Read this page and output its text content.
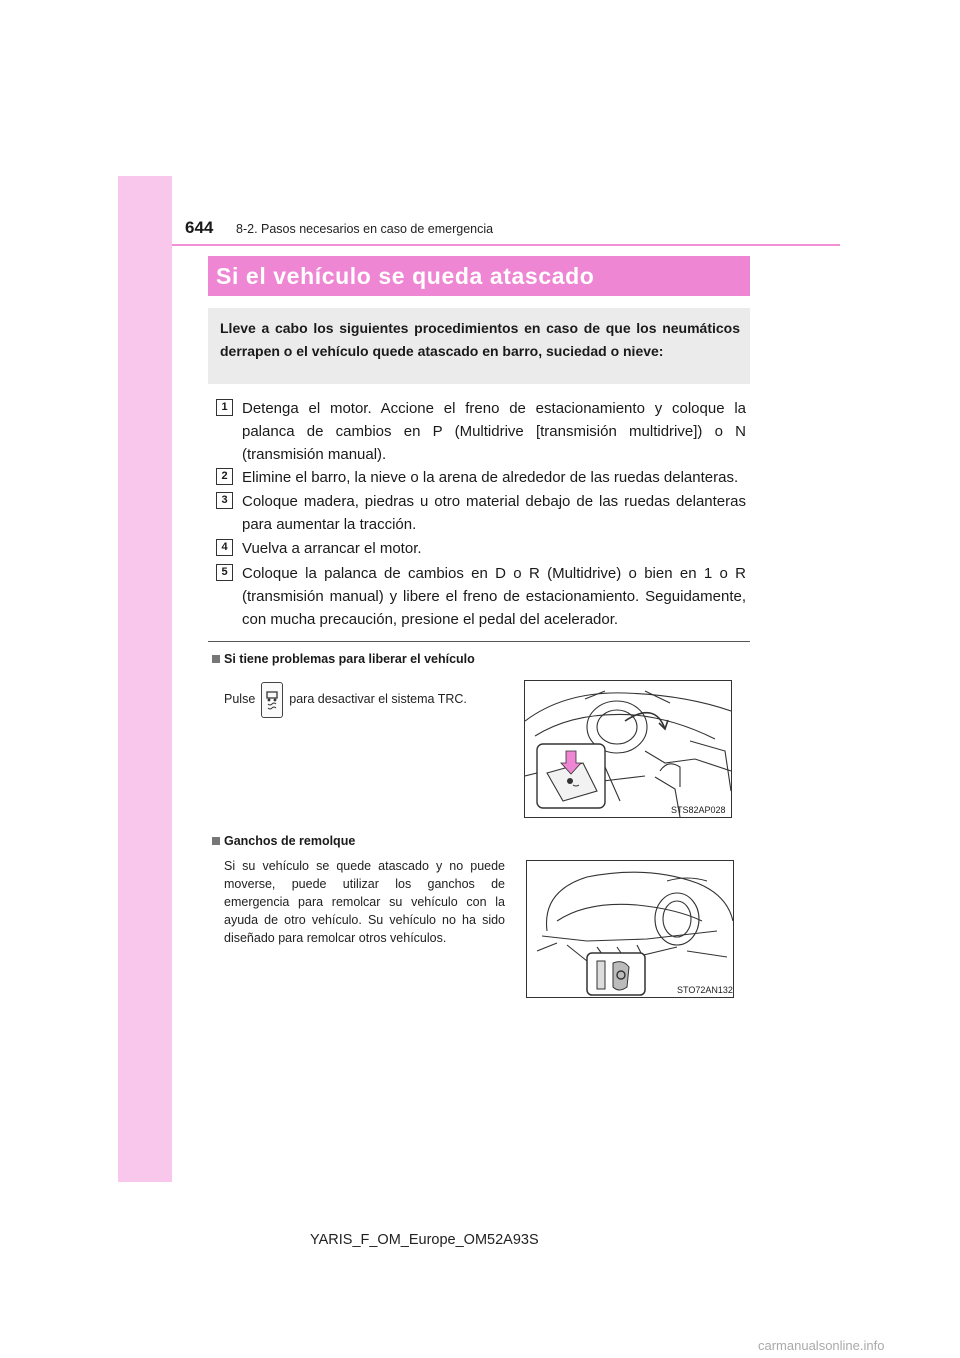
644 8-2. Pasos necesarios en caso de emergencia
Si el vehículo se queda atascado
Lleve a cabo los siguientes procedimientos en caso de que los neumáticos derrapen o el vehículo quede atascado en barro, suciedad o nieve:
1 Detenga el motor. Accione el freno de estacionamiento y coloque la palanca de cambios en P (Multidrive [transmisión multidrive]) o N (transmisión manual).
2 Elimine el barro, la nieve o la arena de alrededor de las ruedas delanteras.
3 Coloque madera, piedras u otro material debajo de las ruedas delanteras para aumentar la tracción.
4 Vuelva a arrancar el motor.
5 Coloque la palanca de cambios en D o R (Multidrive) o bien en 1 o R (transmisión manual) y libere el freno de estacionamiento. Seguidamente, con mucha precaución, presione el pedal del acelerador.
Si tiene problemas para liberar el vehículo
Pulse	para desactivar el sistema TRC.
STS82AP028
Ganchos de remolque
Si su vehículo se quede atascado y no puede moverse, puede utilizar los ganchos de emergencia para remolcar su vehículo con la ayuda de otro vehículo. Su vehículo no ha sido diseñado para remolcar otros vehículos.
STO72AN132
YARIS_F_OM_Europe_OM52A93S
carmanualsonline.info
